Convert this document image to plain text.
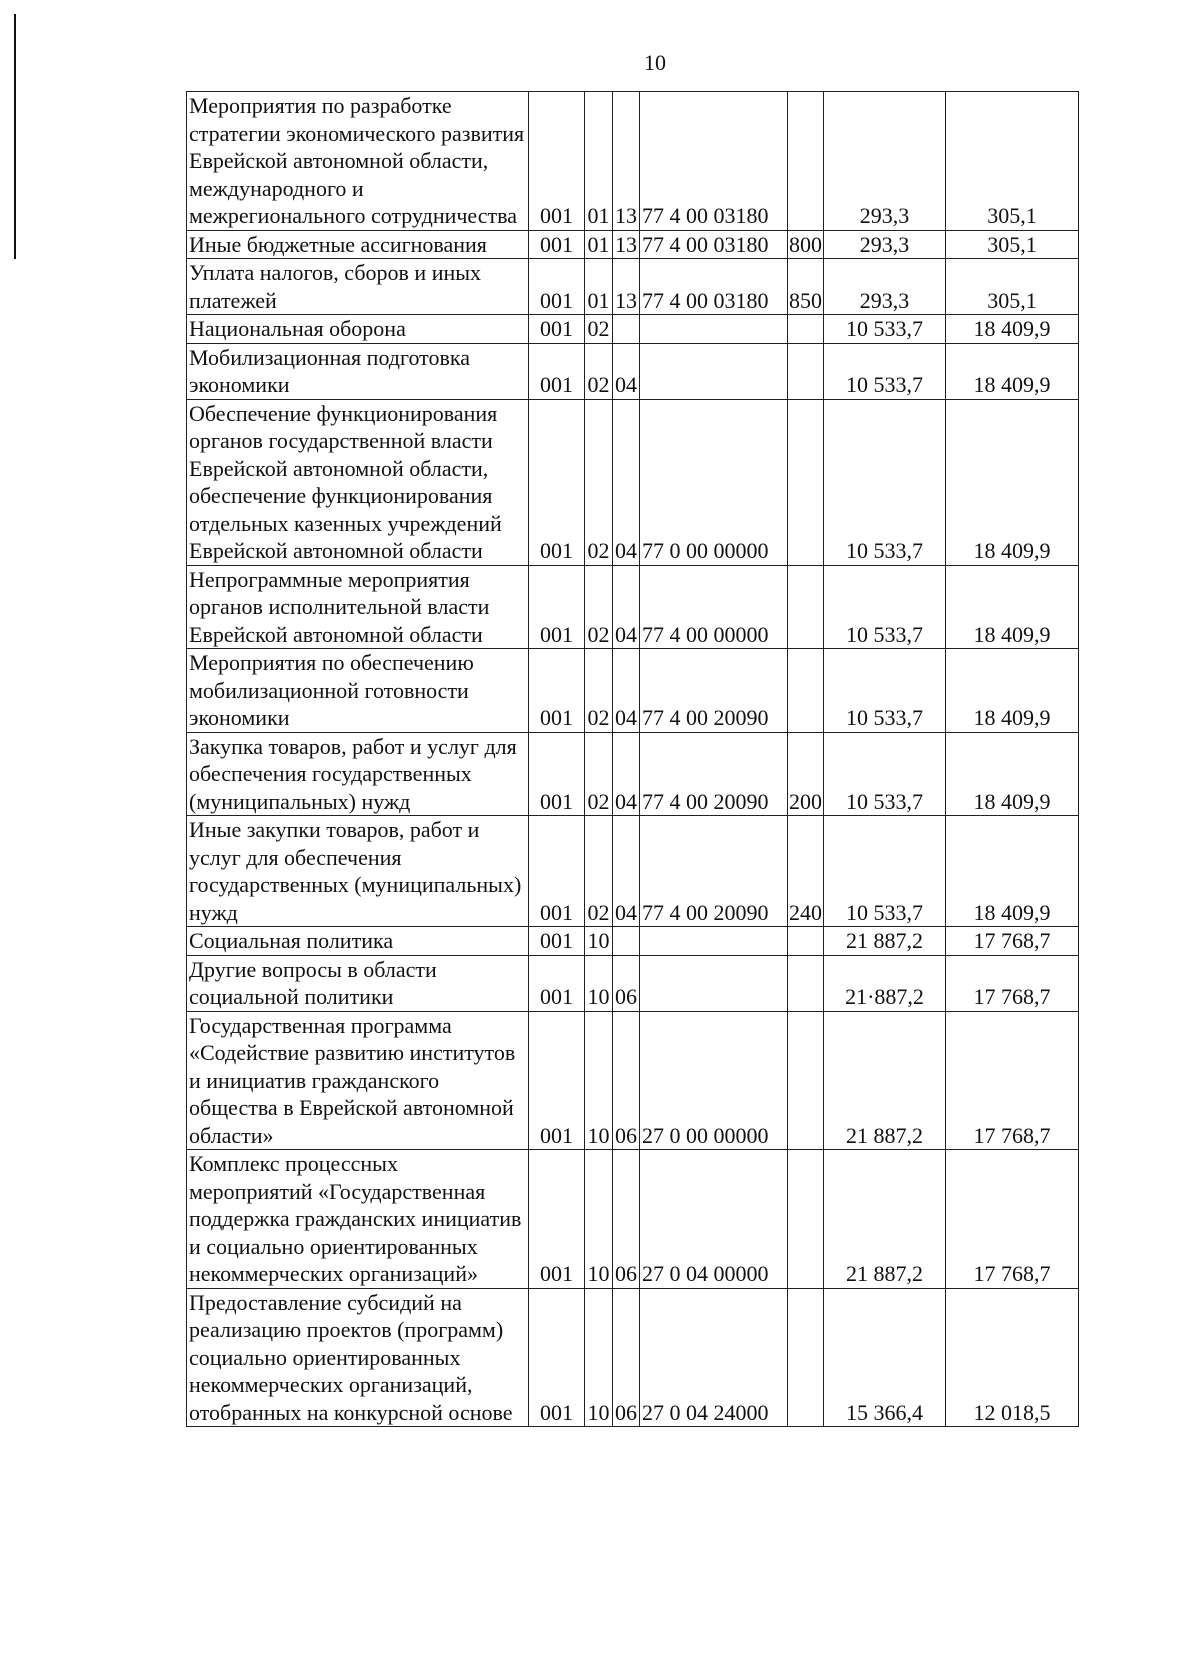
10
Мероприятия по разработке стратегии экономического развития Еврейской автономной области, международного и межрегионального сотрудничества	001	01	13	77 4 00 03180		293,3	305,1
Иные бюджетные ассигнования	001	01	13	77 4 00 03180	800	293,3	305,1
Уплата налогов, сборов и иных платежей	001	01	13	77 4 00 03180	850	293,3	305,1
Национальная оборона	001	02				10 533,7	18 409,9
Мобилизационная подготовка экономики	001	02	04			10 533,7	18 409,9
Обеспечение функционирования органов государственной власти Еврейской автономной области, обеспечение функционирования отдельных казенных учреждений Еврейской автономной области	001	02	04	77 0 00 00000		10 533,7	18 409,9
Непрограммные мероприятия органов исполнительной власти Еврейской автономной области	001	02	04	77 4 00 00000		10 533,7	18 409,9
Мероприятия по обеспечению мобилизационной готовности экономики	001	02	04	77 4 00 20090		10 533,7	18 409,9
Закупка товаров, работ и услуг для обеспечения государственных (муниципальных) нужд	001	02	04	77 4 00 20090	200	10 533,7	18 409,9
Иные закупки товаров, работ и услуг для обеспечения государственных (муниципальных) нужд	001	02	04	77 4 00 20090	240	10 533,7	18 409,9
Социальная политика	001	10				21 887,2	17 768,7
Другие вопросы в области социальной политики	001	10	06			21·887,2	17 768,7
Государственная программа «Содействие развитию институтов и инициатив гражданского общества в Еврейской автономной области»	001	10	06	27 0 00 00000		21 887,2	17 768,7
Комплекс процессных мероприятий «Государственная поддержка гражданских инициатив и социально ориентированных некоммерческих организаций»	001	10	06	27 0 04 00000		21 887,2	17 768,7
Предоставление субсидий на реализацию проектов (программ) социально ориентированных некоммерческих организаций, отобранных на конкурсной основе	001	10	06	27 0 04 24000		15 366,4	12 018,5
